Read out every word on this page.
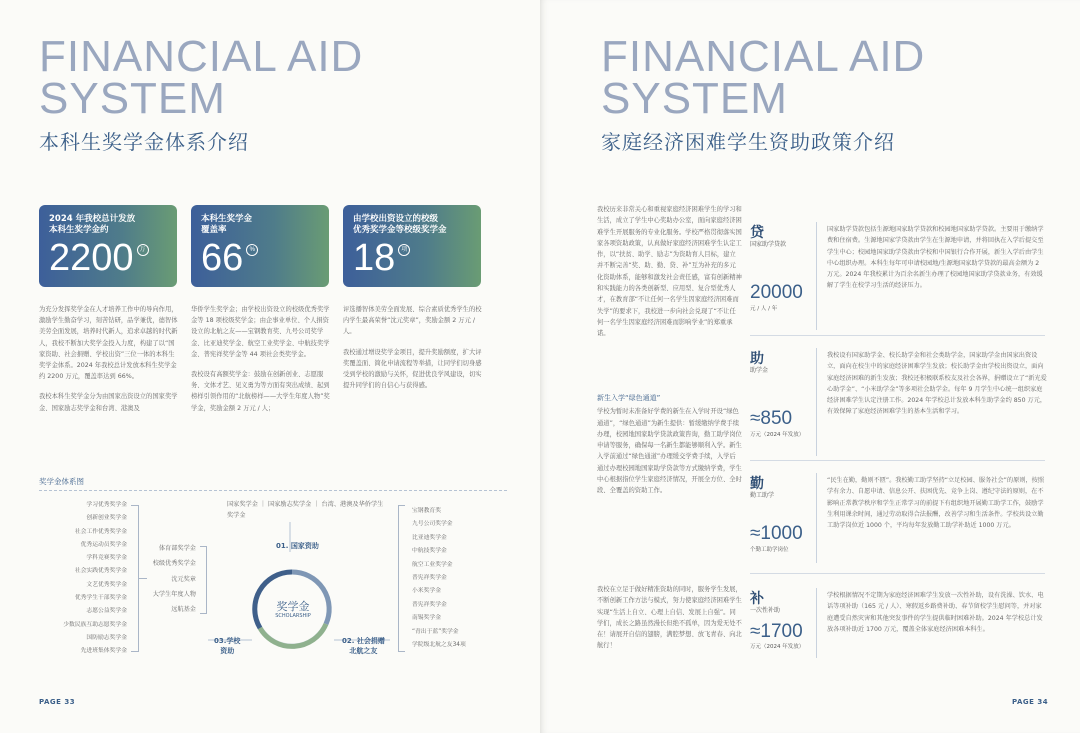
FINANCIAL AID
SYSTEM
本科生奖学金体系介绍
2024 年我校总计发放
本科生奖学金约
2200 万
本科生奖学金
覆盖率
66 %
由学校出资设立的校级
优秀奖学金等校级奖学金
18 项

为充分发挥奖学金在人才培养工作中的导向作用，激励学生勤奋学习，刻苦钻研，品学兼优，德智体美劳全面发展，培养时代新人，追求卓越的时代新人，我校不断加大奖学金投入力度，构建了以“国家资助、社会捐赠、学校出资”三位一体的本科生奖学金体系。2024 年我校总计发放本科生奖学金约 2200 万元，覆盖率达到 66%。

我校本科生奖学金分为由国家出资设立的国家奖学金、国家励志奖学金和台湾、港澳及

华侨学生奖学金；由学校出资设立的校级优秀奖学金等 18 项校级奖学金；由企事业单位、个人捐资设立的北航之友——宝钢教育奖、九号公司奖学金、比亚迪奖学金、航空工业奖学金、中航技奖学金、普宪祥奖学金等 44 项社会类奖学金。

我校设有高额奖学金：鼓励在创新创业、志愿服务、文体才艺、见义勇为等方面有突出成绩、起到榜样引领作用的“北航榜样——大学生年度人物”奖学金，奖励金额 2 万元 / 人；

评选播智体美劳全面发展、综合素质优秀学生的校内学生最高荣誉“沈元奖章”，奖励金额 2 万元 / 人。

我校通过增设奖学金项目，提升奖励额度，扩大评奖覆盖面、简化申请流程等举措，让同学们切身感受到学校的激励与关怀，促进优良学风建设，切实提升同学们的自信心与获得感。

奖学金体系图
学习优秀奖学金
创新创业奖学金
社会工作优秀奖学金
优秀运动员奖学金
学科竞赛奖学金
社会实践优秀奖学金
文艺优秀奖学金
优秀学生干部奖学金
志愿公益奖学金
少数民族互助志愿奖学金
国防励志奖学金
先进班集体奖学金
体育部奖学金
校级优秀奖学金
沈元奖章
大学生年度人物
远航基金
国家奖学金 ｜ 国家励志奖学金 ｜ 台湾、港澳及华侨学生奖学金
01. 国家资助
奖学金
SCHOLARSHIP
02. 社会捐赠
北航之友
03.学校
资助
宝钢教育奖
九号公司奖学金
比亚迪奖学金
中航技奖学金
航空工业奖学金
普宪祥奖学金
小米奖学金
普宪祥奖学金
南锡奖学金
“青出于蓝”奖学金
学院级北航之友34项
PAGE 33
FINANCIAL AID
SYSTEM
家庭经济困难学生资助政策介绍
我校历来非常关心和重视家庭经济困难学生的学习和生活，成立了学生中心奖助办公室，面向家庭经济困难学生开展服务的专业化服务。学校严格贯彻落实国家各项资助政策，认真做好家庭经济困难学生认定工作，以“扶贫、助学、励志”为资助育人目标，建立并不断完善“奖、助、勤、贷、补”互为补充的多元化资助体系，能够和激发社会责任感，富有创新精神和实践能力的各类创新型、应用型、复合型优秀人才，在教育部“不让任何一名学生因家庭经济困难而失学”的要求下，我校进一步向社会兑现了“不让任何一名学生因家庭经济困难而影响学业”的郑重承诺。
新生入学“绿色通道”
学校为暂时未准备好学费的新生在入学时开设“绿色通道”，“绿色通道”为新生提供：暂缓缴纳学费手续办理，校园地国家助学贷款政策咨询，勤工助学岗位申请等服务，确保每一名新生都能够顺利入学。新生入学前通过“绿色通道”办理缓交学费手续，入学后通过办理校园地国家助学贷款等方式缴纳学费，学生中心根据指位学生家庭经济情况，开展全方位、全时段、全覆盖的资助工作。
我校在立足于做好精准资助的同时，服务学生发展，不断创新工作方法与模式，努力使家庭经济困难学生实现“生活上自立、心理上自信、发展上自强”。同学们，成长之路虽然漫长但绝不孤单，因为爱无处不在！请展开自信的翅膀，满腔梦想、放飞青春、向北航行！
贷
国家助学贷款
20000
元 / 人 / 年
国家助学贷款包括生源地国家助学贷款和校园地国家助学贷款。主要用于缴纳学费和住宿费。生源地国家学贷款由学生在生源地申请，并将回执在入学后提交至学生中心；校园地国家助学贷款由学校和中国银行合作开展，新生入学后由学生中心组织办理。本科生每年可申请校园地/生源地国家助学贷款的最高金额为 2 万元。2024 年我校累计为百余名新生办理了校园地国家助学贷款业务，有效缓解了学生在校学习生活的经济压力。
助
助学金
≈850
万元（2024 年发放）
我校设有国家助学金、校长助学金和社会类助学金，国家助学金由国家出资设立，面向在校生中的家庭经济困难学生发放；校长助学金由学校出资设立，面向家庭经济困难的新生发放；我校还积极联系校友及社会各界，捐赠设立了“新光爱心助学金”、“小米助学金”等多项社会助学金。每年 9 月学生中心统一组织家庭经济困难学生认定注册工作。2024 年学校总计发放本科生助学金约 850 万元，有效保障了家庭经济困难学生的基本生活和学习。
勤
勤工助学
≈1000
个勤工助学岗位
“民生在勤，勤则不匮”。我校勤工助学坚持“立足校园、服务社会”的原则，按照学有余力、自愿申请、信息公开、扶困优先、竞争上岗、遵纪守法的原则，在不影响正常教学秩序和学生正常学习的前提下有组织地开展勤工助学工作，鼓励学生利用课余时间，通过劳动取得合法报酬，改善学习和生活条件。学校共设立勤工助学岗位近 1000 个，平均每年发放勤工助学补助近 1000 万元。
补
一次性补助
≈1700
万元（2024 年发放）
学校根据情况不定期为家庭经济困难学生发放一次性补助，设有洗澡、饮水、电话等项补助（165 元 / 人）、寒假返乡路费补助、春节留校学生慰问等，并对家庭遭受自然灾害和其他突发事件的学生提供临时困难补助。2024 年学校总计发放各项补助近 1700 万元，覆盖全体家庭经济困难本科生。
PAGE 34
